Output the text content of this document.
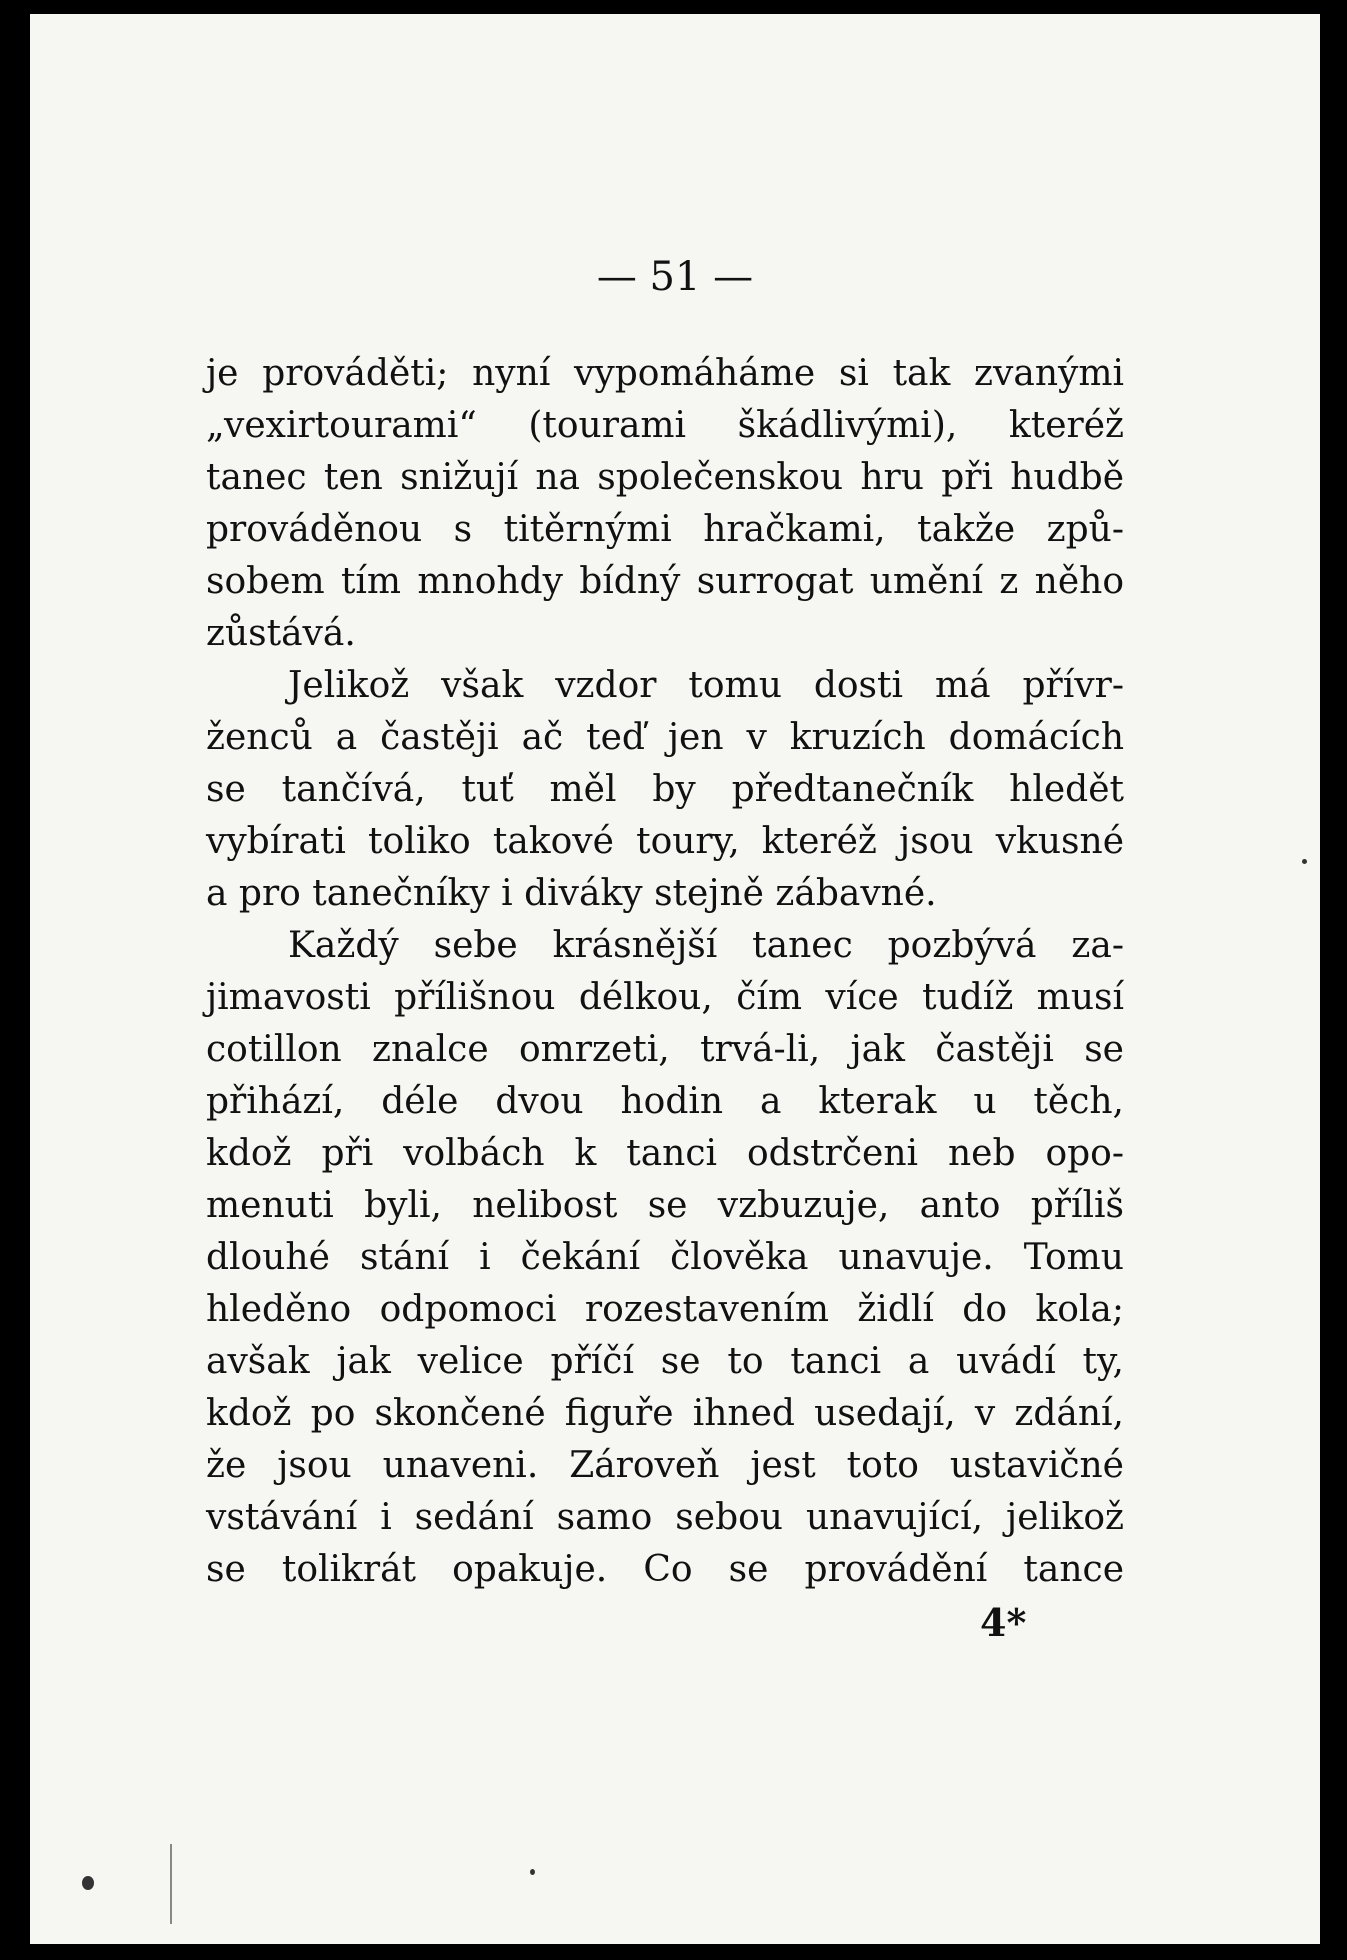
— 51 —
je prováděti; nyní vypomáháme si tak zvanými
„vexirtourami“ (tourami škádlivými), kteréž
tanec ten snižují na společenskou hru při hudbě
prováděnou s titěrnými hračkami, takže způ-
sobem tím mnohdy bídný surrogat umění z něho
zůstává.
Jelikož však vzdor tomu dosti má přívr-
ženců a častěji ač teď jen v kruzích domácích
se tančívá, tuť měl by předtanečník hledět
vybírati toliko takové toury, kteréž jsou vkusné
a pro tanečníky i diváky stejně zábavné.
Každý sebe krásnější tanec pozbývá za-
jimavosti přílišnou délkou, čím více tudíž musí
cotillon znalce omrzeti, trvá-li, jak častěji se
přihází, déle dvou hodin a kterak u těch,
kdož při volbách k tanci odstrčeni neb opo-
menuti byli, nelibost se vzbuzuje, anto příliš
dlouhé stání i čekání člověka unavuje. Tomu
hleděno odpomoci rozestavením židlí do kola;
avšak jak velice příčí se to tanci a uvádí ty,
kdož po skončené figuře ihned usedají, v zdání,
že jsou unaveni. Zároveň jest toto ustavičné
vstávání i sedání samo sebou unavující, jelikož
se tolikrát opakuje. Co se provádění tance
4*
